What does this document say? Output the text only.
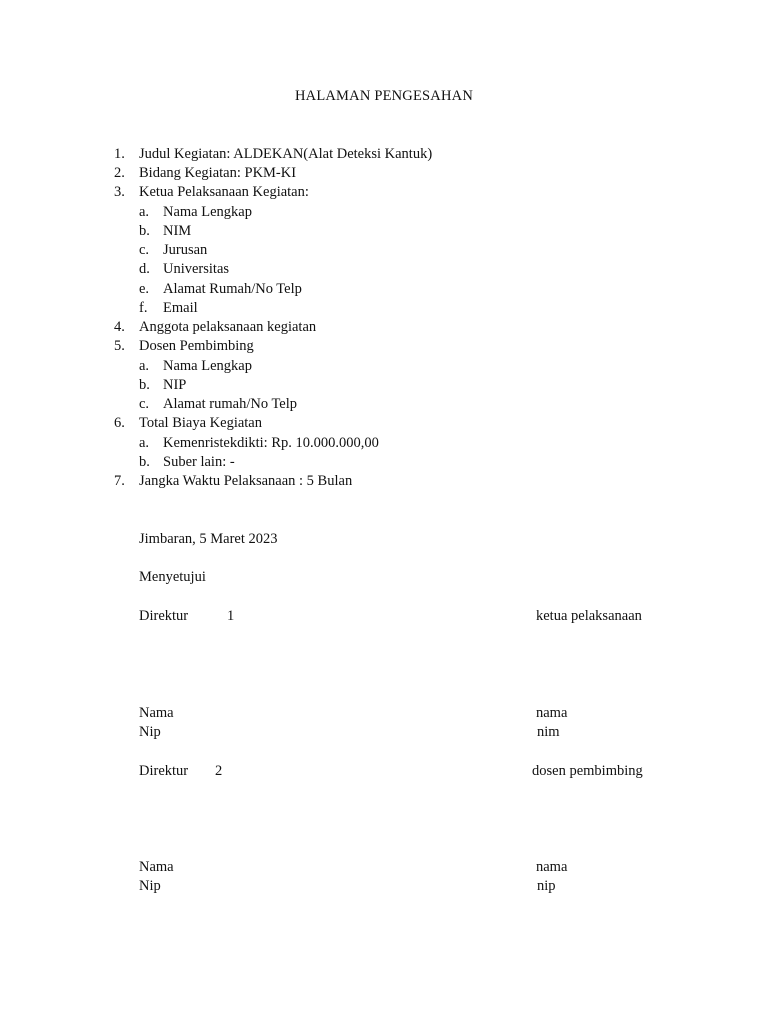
HALAMAN PENGESAHAN
1. Judul Kegiatan: ALDEKAN(Alat Deteksi Kantuk)
2. Bidang Kegiatan: PKM-KI
3. Ketua Pelaksanaan Kegiatan:
a. Nama Lengkap
b. NIM
c. Jurusan
d. Universitas
e. Alamat Rumah/No Telp
f. Email
4. Anggota pelaksanaan kegiatan
5. Dosen Pembimbing
a. Nama Lengkap
b. NIP
c. Alamat rumah/No Telp
6. Total Biaya Kegiatan
a. Kemenristekdikti: Rp. 10.000.000,00
b. Suber lain: -
7. Jangka Waktu Pelaksanaan : 5 Bulan
Jimbaran, 5 Maret 2023
Menyetujui
Direktur	1	ketua pelaksanaan
Nama	nama
Nip	nim
Direktur 2	dosen pembimbing
Nama	nama
Nip	nip
